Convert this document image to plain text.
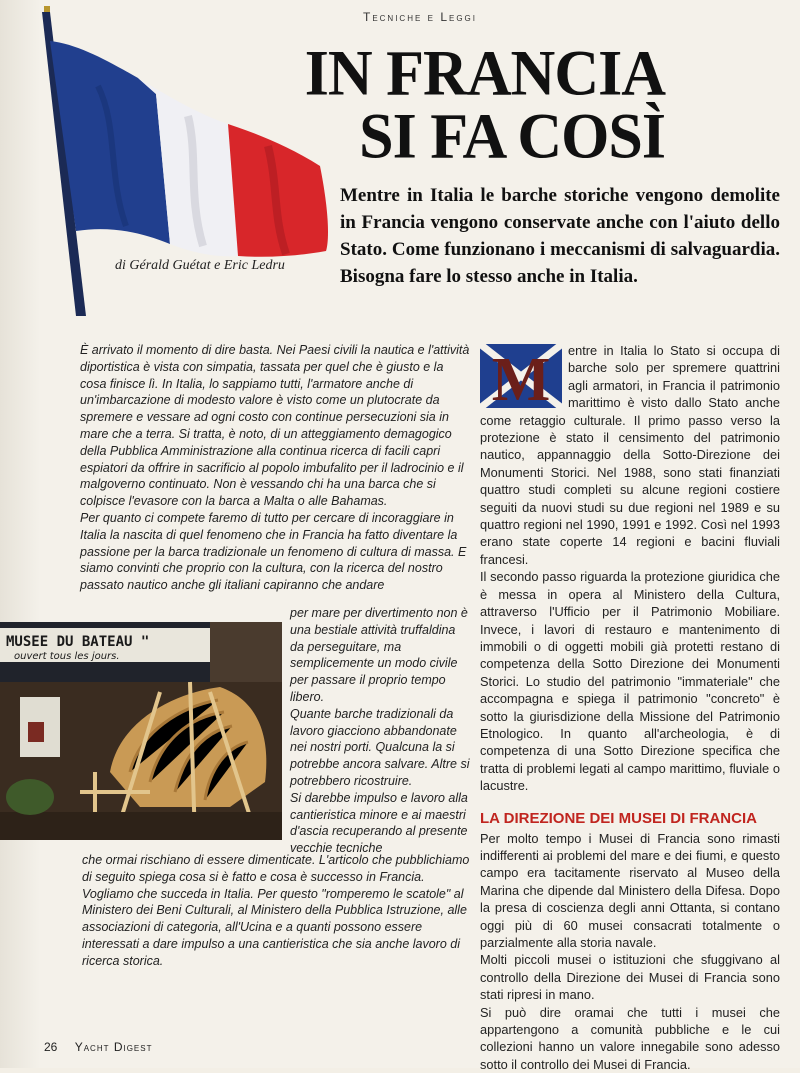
Tecniche e Leggi
IN FRANCIA
SI FA COSÌ
Mentre in Italia le barche storiche vengono demolite in Francia vengono conservate anche con l'aiuto dello Stato. Come funzionano i meccanismi di salvaguardia. Bisogna fare lo stesso anche in Italia.
di Gérald Guétat e Eric Ledru

È arrivato il momento di dire basta. Nei Paesi civili la nautica e l'attività diportistica è vista con simpatia, tassata per quel che è giusto e la cosa finisce lì. In Italia, lo sappiamo tutti, l'armatore anche di un'imbarcazione di modesto valore è visto come un plutocrate da spremere e vessare ad ogni costo con continue persecuzioni sia in mare che a terra. Si tratta, è noto, di un atteggiamento demagogico della Pubblica Amministrazione alla continua ricerca di facili capri espiatori da offrire in sacrificio al popolo imbufalito per il ladrocinio e il malgoverno continuato. Non è vessando chi ha una barca che si colpisce l'evasore con la barca a Malta o alle Bahamas.

Per quanto ci compete faremo di tutto per cercare di incoraggiare in Italia la nascita di quel fenomeno che in Francia ha fatto diventare la passione per la barca tradizionale un fenomeno di cultura di massa. E siamo convinti che proprio con la cultura, con la ricerca del nostro passato nautico anche gli italiani capiranno che andare

MUSEE DU BATEAU "
ouvert tous les jours.

per mare per divertimento non è una bestiale attività truffaldina da perseguitare, ma semplicemente un modo civile per passare il proprio tempo libero.

Quante barche tradizionali da lavoro giacciono abbandonate nei nostri porti. Qualcuna la si potrebbe ancora salvare. Altre si potrebbero ricostruire.

Si darebbe impulso e lavoro alla cantieristica minore e ai maestri d'ascia recuperando al presente vecchie tecniche

che ormai rischiano di essere dimenticate. L'articolo che pubblichiamo di seguito spiega cosa si è fatto e cosa è successo in Francia. Vogliamo che succeda in Italia. Per questo "romperemo le scatole" al Ministero dei Beni Culturali, al Ministero della Pubblica Istruzione, alle associazioni di categoria, all'Ucina e a quanti possono essere interessati a dare impulso a una cantieristica che sia anche lavoro di ricerca storica.

M	entre in Italia lo Stato si occupa di barche solo per spremere quattrini agli armatori, in Francia il patrimonio marittimo è visto dallo Stato anche come retaggio culturale. Il primo passo verso la protezione è stato il censimento del patrimonio nautico, appannaggio della Sotto-Direzione dei Monumenti Storici. Nel 1988, sono stati finanziati quattro studi completi su alcune regioni costiere seguiti da nuovi studi su due regioni nel 1989 e su quattro regioni nel 1990, 1991 e 1992. Così nel 1993 erano state coperte 14 regioni e bacini fluviali francesi.

Il secondo passo riguarda la protezione giuridica che è messa in opera al Ministero della Cultura, attraverso l'Ufficio per il Patrimonio Mobiliare. Invece, i lavori di restauro e mantenimento di immobili o di oggetti mobili già protetti restano di competenza della Sotto Direzione dei Monumenti Storici. Lo studio del patrimonio "immateriale" che accompagna e spiega il patrimonio "concreto" è sotto la giurisdizione della Missione del Patrimonio Etnologico. In quanto all'archeologia, è di competenza di una Sotto Direzione specifica che tratta di problemi legati al campo marittimo, fluviale o lacustre.

LA DIREZIONE DEI MUSEI DI FRANCIA

Per molto tempo i Musei di Francia sono rimasti indifferenti ai problemi del mare e dei fiumi, e questo campo era tacitamente riservato al Museo della Marina che dipende dal Ministero della Difesa. Dopo la presa di coscienza degli anni Ottanta, si contano oggi più di 60 musei consacrati totalmente o parzialmente alla storia navale.

Molti piccoli musei o istituzioni che sfuggivano al controllo della Direzione dei Musei di Francia sono stati ripresi in mano.

Si può dire oramai che tutti i musei che appartengono a comunità pubbliche e le cui collezioni hanno un valore innegabile sono adesso sotto il controllo dei Musei di Francia.

26 Yacht Digest
